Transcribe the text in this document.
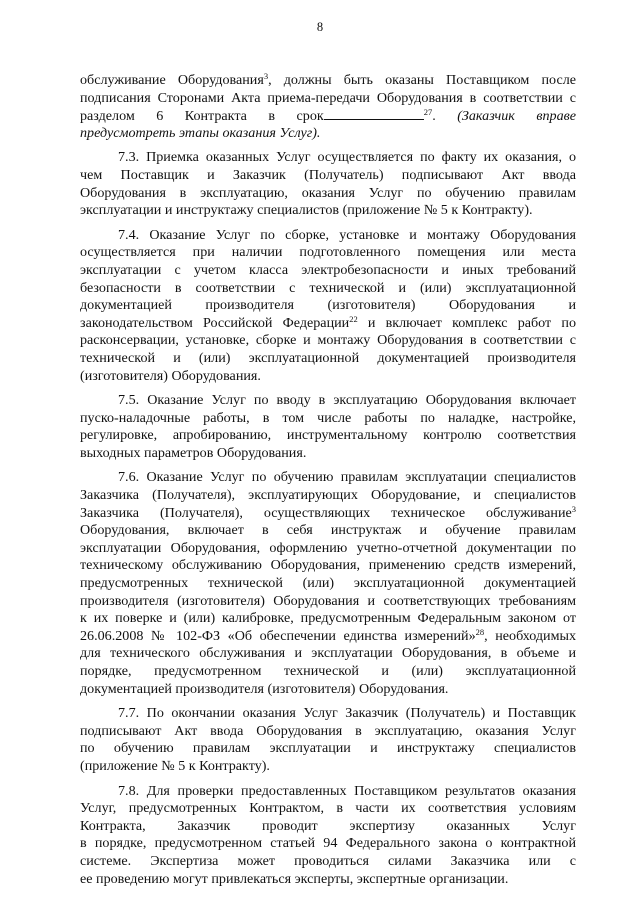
8
обслуживание Оборудования$^3$, должны быть оказаны Поставщиком после
подписания Сторонами Акта приема-передачи Оборудования в соответствии с
разделом 6 Контракта в срок	$^{27}$. (Заказчик вправе
предусмотреть этапы оказания Услуг).
7.3. Приемка оказанных Услуг осуществляется по факту их оказания, о
чем Поставщик и Заказчик (Получатель) подписывают Акт ввода
Оборудования в эксплуатацию, оказания Услуг по обучению правилам
эксплуатации и инструктажу специалистов (приложение № 5 к Контракту).
7.4. Оказание Услуг по сборке, установке и монтажу Оборудования
осуществляется при наличии подготовленного помещения или места
эксплуатации с учетом класса электробезопасности и иных требований
безопасности в соответствии с технической и (или) эксплуатационной
документацией производителя (изготовителя) Оборудования и
законодательством Российской Федерации$^{22}$ и включает комплекс работ по
расконсервации, установке, сборке и монтажу Оборудования в соответствии с
технической и (или) эксплуатационной документацией производителя
(изготовителя) Оборудования.
7.5. Оказание Услуг по вводу в эксплуатацию Оборудования включает
пуско-наладочные работы, в том числе работы по наладке, настройке,
регулировке, апробированию, инструментальному контролю соответствия
выходных параметров Оборудования.
7.6. Оказание Услуг по обучению правилам эксплуатации специалистов
Заказчика (Получателя), эксплуатирующих Оборудование, и специалистов
Заказчика (Получателя), осуществляющих техническое обслуживание$^3$
Оборудования, включает в себя инструктаж и обучение правилам
эксплуатации Оборудования, оформлению учетно-отчетной документации по
техническому обслуживанию Оборудования, применению средств измерений,
предусмотренных технической (или) эксплуатационной документацией
производителя (изготовителя) Оборудования и соответствующих требованиям
к их поверке и (или) калибровке, предусмотренным Федеральным законом от
26.06.2008 № 102-ФЗ «Об обеспечении единства измерений»$^{28}$, необходимых
для технического обслуживания и эксплуатации Оборудования, в объеме и
порядке, предусмотренном технической и (или) эксплуатационной
документацией производителя (изготовителя) Оборудования.
7.7. По окончании оказания Услуг Заказчик (Получатель) и Поставщик
подписывают Акт ввода Оборудования в эксплуатацию, оказания Услуг
по обучению правилам эксплуатации и инструктажу специалистов
(приложение № 5 к Контракту).
7.8. Для проверки предоставленных Поставщиком результатов оказания
Услуг, предусмотренных Контрактом, в части их соответствия условиям
Контракта, Заказчик проводит экспертизу оказанных Услуг
в порядке, предусмотренном статьей 94 Федерального закона о контрактной
системе. Экспертиза может проводиться силами Заказчика или с
ее проведению могут привлекаться эксперты, экспертные организации.
